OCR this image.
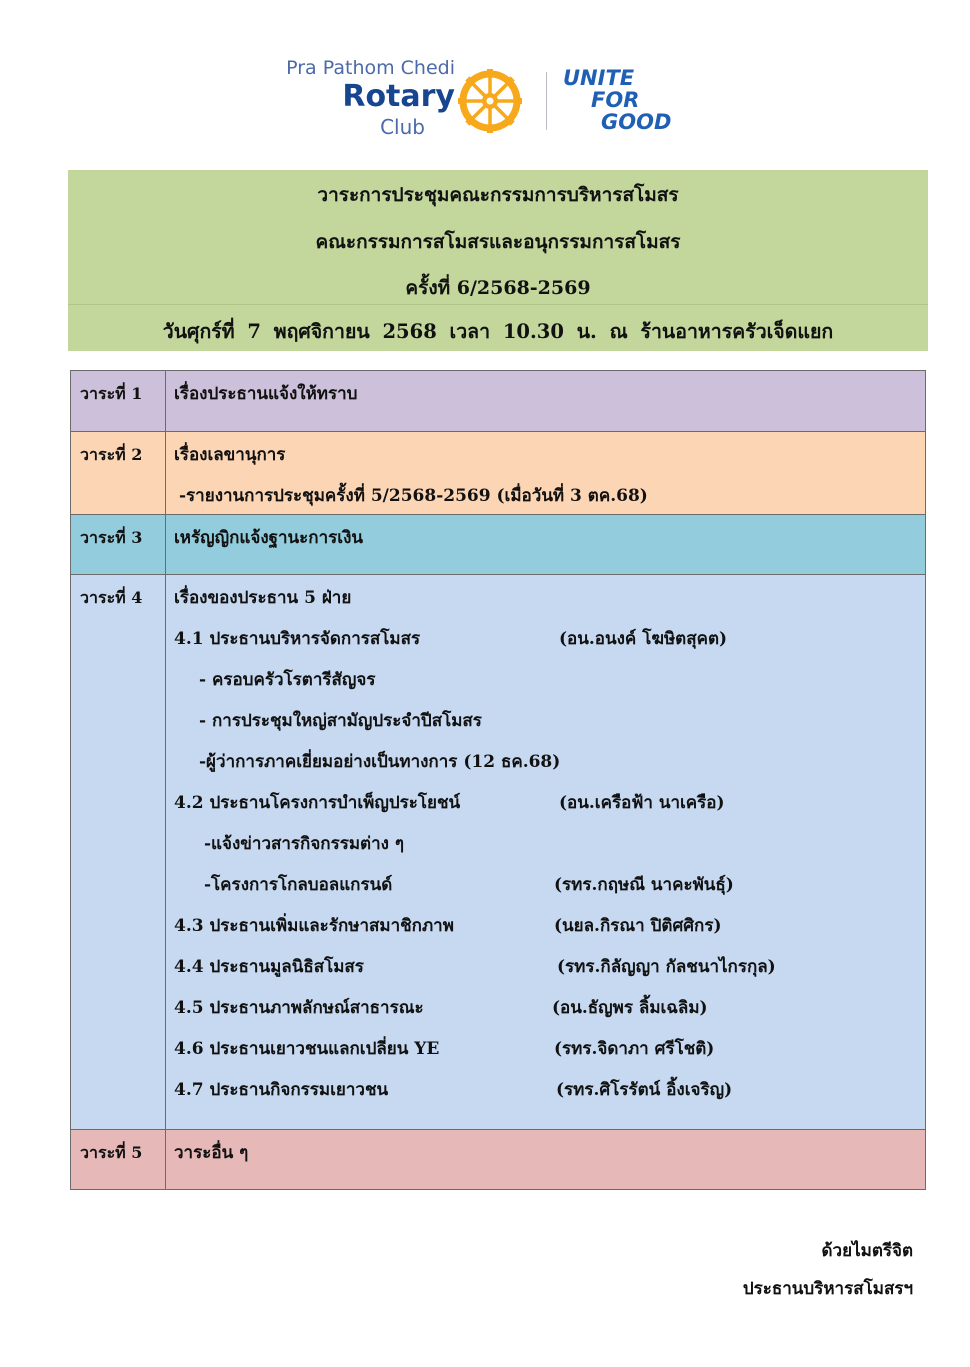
Pra Pathom Chedi
Rotary
Club
UNITE
FOR
GOOD
วาระการประชุมคณะกรรมการบริหารสโมสร
คณะกรรมการสโมสรและอนุกรรมการสโมสร
ครั้งที่ 6/2568-2569
วันศุกร์ที่ 7 พฤศจิกายน 2568 เวลา 10.30 น. ณ ร้านอาหารครัวเจ็ดแยก
วาระที่ 1 เรื่องประธานแจ้งให้ทราบ
วาระที่ 2 เรื่องเลขานุการ
-รายงานการประชุมครั้งที่ 5/2568-2569 (เมื่อวันที่ 3 ตค.68)
วาระที่ 3 เหรัญญิกแจ้งฐานะการเงิน
วาระที่ 4 เรื่องของประธาน 5 ฝ่าย
4.1 ประธานบริหารจัดการสโมสร	(อน.อนงค์ โฆษิตสุคต)
- ครอบครัวโรตารีสัญจร
- การประชุมใหญ่สามัญประจำปีสโมสร
-ผู้ว่าการภาคเยี่ยมอย่างเป็นทางการ (12 ธค.68)
4.2 ประธานโครงการบำเพ็ญประโยชน์	(อน.เครือฟ้า นาเครือ)
-แจ้งข่าวสารกิจกรรมต่าง ๆ
-โครงการโกลบอลแกรนด์	(รทร.กฤษณี นาคะพันธุ์)
4.3 ประธานเพิ่มและรักษาสมาชิกภาพ	(นยล.กิรณา ปิติศศิกร)
4.4 ประธานมูลนิธิสโมสร	(รทร.กิลัญญา กัลชนาไกรกุล)
4.5 ประธานภาพลักษณ์สาธารณะ	(อน.ธัญพร ลิ้มเฉลิม)
4.6 ประธานเยาวชนแลกเปลี่ยน YE	(รทร.จิดาภา ศรีโชติ)
4.7 ประธานกิจกรรมเยาวชน	(รทร.ศิโรรัตน์ อิ้งเจริญ)
วาระที่ 5 วาระอื่น ๆ
ด้วยไมตรีจิต
ประธานบริหารสโมสรฯ
